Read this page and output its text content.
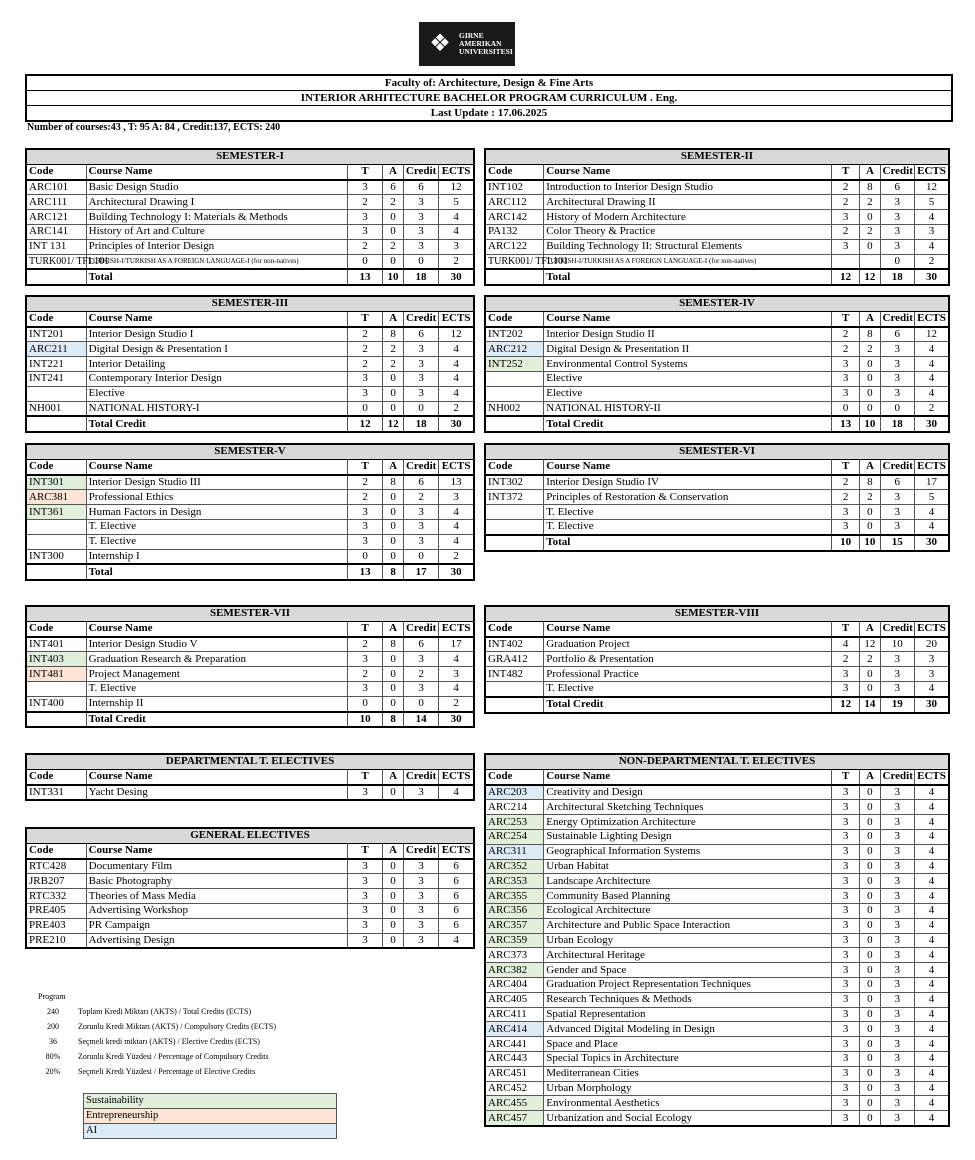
❖	GIRNE
AMERIKAN
UNIVERSITESI
Faculty of: Architecture, Design & Fine Arts
INTERIOR ARHITECTURE BACHELOR PROGRAM CURRICULUM . Eng.
Last Update : 17.06.2025
Number of courses:43 , T: 95 A: 84 , Credit:137, ECTS: 240
SEMESTER-I					
Code	Course Name	T	A	Credit	ECTS
ARC101	Basic Design Studio	3	6	6	12
ARC111	Architectural Drawing I	2	2	3	5
ARC121	Building Technology I: Materials & Methods	3	0	3	4
ARC141	History of Art and Culture	3	0	3	4
INT 131	Principles of Interior Design	2	2	3	3
TURK001/ TFL101	TURKISH-I/TURKISH AS A FOREIGN LANGUAGE-I (for non-natives)	0	0	0	2
	Total	13	10	18	30
SEMESTER-II					
Code	Course Name	T	A	Credit	ECTS
INT102	Introduction to Interior Design Studio	2	8	6	12
ARC112	Architectural Drawing II	2	2	3	5
ARC142	History of Modern Architecture	3	0	3	4
PA132	Color Theory & Practice	2	2	3	3
ARC122	Building Technology II: Structural Elements	3	0	3	4
TURK001/ TFL101	TURKISH-I/TURKISH AS A FOREIGN LANGUAGE-I (for non-natives)			0	2
	Total	12	12	18	30
SEMESTER-III					
Code	Course Name	T	A	Credit	ECTS
INT201	Interior Design Studio I	2	8	6	12
ARC211	Digital Design & Presentation I	2	2	3	4
INT221	Interior Detailing	2	2	3	4
INT241	Contemporary Interior Design	3	0	3	4
	Elective	3	0	3	4
NH001	NATIONAL HISTORY-I	0	0	0	2
	Total Credit	12	12	18	30
SEMESTER-IV					
Code	Course Name	T	A	Credit	ECTS
INT202	Interior Design Studio II	2	8	6	12
ARC212	Digital Design & Presentation II	2	2	3	4
INT252	Environmental Control Systems	3	0	3	4
	Elective	3	0	3	4
	Elective	3	0	3	4
NH002	NATIONAL HISTORY-II	0	0	0	2
	Total Credit	13	10	18	30
SEMESTER-V					
Code	Course Name	T	A	Credit	ECTS
INT301	Interior Design Studio III	2	8	6	13
ARC381	Professional Ethics	2	0	2	3
INT361	Human Factors in Design	3	0	3	4
	T. Elective	3	0	3	4
	T. Elective	3	0	3	4
INT300	Internship I	0	0	0	2
	Total	13	8	17	30
SEMESTER-VI					
Code	Course Name	T	A	Credit	ECTS
INT302	Interior Design Studio IV	2	8	6	17
INT372	Principles of Restoration & Conservation	2	2	3	5
	T. Elective	3	0	3	4
	T. Elective	3	0	3	4
	Total	10	10	15	30
SEMESTER-VII					
Code	Course Name	T	A	Credit	ECTS
INT401	Interior Design Studio V	2	8	6	17
INT403	Graduation Research & Preparation	3	0	3	4
INT481	Project Management	2	0	2	3
	T. Elective	3	0	3	4
INT400	Internship II	0	0	0	2
	Total Credit	10	8	14	30
SEMESTER-VIII					
Code	Course Name	T	A	Credit	ECTS
INT402	Graduation Project	4	12	10	20
GRA412	Portfolio & Presentation	2	2	3	3
INT482	Professional Practice	3	0	3	3
	T. Elective	3	0	3	4
	Total Credit	12	14	19	30
DEPARTMENTAL T. ELECTIVES					
Code	Course Name	T	A	Credit	ECTS
INT331	Yacht Desing	3	0	3	4
GENERAL ELECTIVES					
Code	Course Name	T	A	Credit	ECTS
RTC428	Documentary Film	3	0	3	6
JRB207	Basic Photography	3	0	3	6
RTC332	Theories of Mass Media	3	0	3	6
PRE405	Advertising Workshop	3	0	3	6
PRE403	PR Campaign	3	0	3	6
PRE210	Advertising Design	3	0	3	4
NON-DEPARTMENTAL T. ELECTIVES					
Code	Course Name	T	A	Credit	ECTS
ARC203	Creativity and Design	3	0	3	4
ARC214	Architectural Sketching Techniques	3	0	3	4
ARC253	Energy Optimization Architecture	3	0	3	4
ARC254	Sustainable Lighting Design	3	0	3	4
ARC311	Geographical Information Systems	3	0	3	4
ARC352	Urban Habitat	3	0	3	4
ARC353	Landscape Architecture	3	0	3	4
ARC355	Community Based Planning	3	0	3	4
ARC356	Ecological Architecture	3	0	3	4
ARC357	Architecture and Public Space Interaction	3	0	3	4
ARC359	Urban Ecology	3	0	3	4
ARC373	Architectural Heritage	3	0	3	4
ARC382	Gender and Space	3	0	3	4
ARC404	Graduation Project Representation Techniques	3	0	3	4
ARC405	Research Techniques & Methods	3	0	3	4
ARC411	Spatial Representation	3	0	3	4
ARC414	Advanced Digital Modeling in Design	3	0	3	4
ARC441	Space and Place	3	0	3	4
ARC443	Special Topics in Architecture	3	0	3	4
ARC451	Mediterranean Cities	3	0	3	4
ARC452	Urban Morphology	3	0	3	4
ARC455	Environmental Aesthetics	3	0	3	4
ARC457	Urbanization and Social Ecology	3	0	3	4
Program
240	Toplam Kredi Miktarı (AKTS) / Total Credits (ECTS)
200	Zorunlu Kredi Miktarı (AKTS) / Compulsory Credits (ECTS)
36	Seçmeli kredi miktarı (AKTS) / Elective Credits (ECTS)
80%	Zorunlu Kredi Yüzdesi / Percentage of Compulsory Credits
20%	Seçmeli Kredi Yüzdesi / Percentage of Elective Credits
Sustainability
Entrepreneurship
AI
